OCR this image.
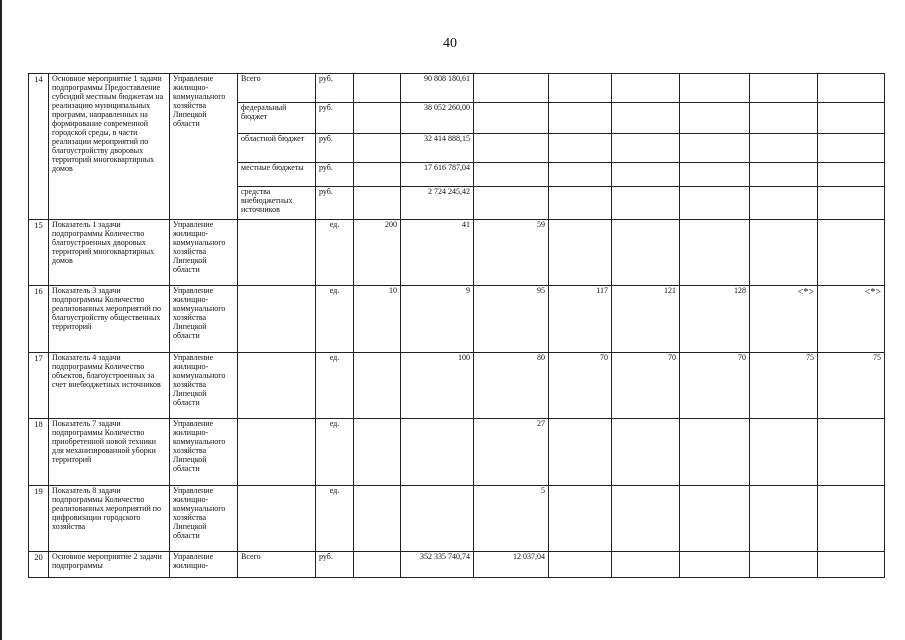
40
14	Основное мероприятие 1 задачи подпрограммы Предоставление субсидий местным бюджетам на реализацию муниципальных программ, направленных на формирование современной городской среды, в части реализации мероприятий по благоустройству дворовых территорий многоквартирных домов	Управление жилищно-коммунального хозяйства Липецкой области	Всего	руб.		90 808 180,61						
			федеральный бюджет	руб.		38 052 260,00						
			областной бюджет	руб.		32 414 888,15						
			местные бюджеты	руб.		17 616 787,04						
			средства внебюджетных источников	руб.		2 724 245,42						
15	Показатель 1 задачи подпрограммы Количество благоустроенных дворовых территорий многоквартирных домов	Управление жилищно-коммунального хозяйства Липецкой области		ед.	200	41	59					
16	Показатель 3 задачи подпрограммы Количество реализованных мероприятий по благоустройству общественных территорий	Управление жилищно-коммунального хозяйства Липецкой области		ед.	10	9	95	117	121	128	<*>	<*>
17	Показатель 4 задачи подпрограммы Количество объектов, благоустроенных за счет внебюджетных источников	Управление жилищно-коммунального хозяйства Липецкой области		ед.		100	80	70	70	70	75	75
18	Показатель 7 задачи подпрограммы Количество приобретенной новой техники для механизированной уборки территорий	Управление жилищно-коммунального хозяйства Липецкой области		ед.			27					
19	Показатель 8 задачи подпрограммы Количество реализованных мероприятий по цифровизации городского хозяйства	Управление жилищно-коммунального хозяйства Липецкой области		ед.			5					
20	Основное мероприятие 2 задачи подпрограммы	Управление жилищно-	Всего	руб.		352 335 740,74	12 037,04					
